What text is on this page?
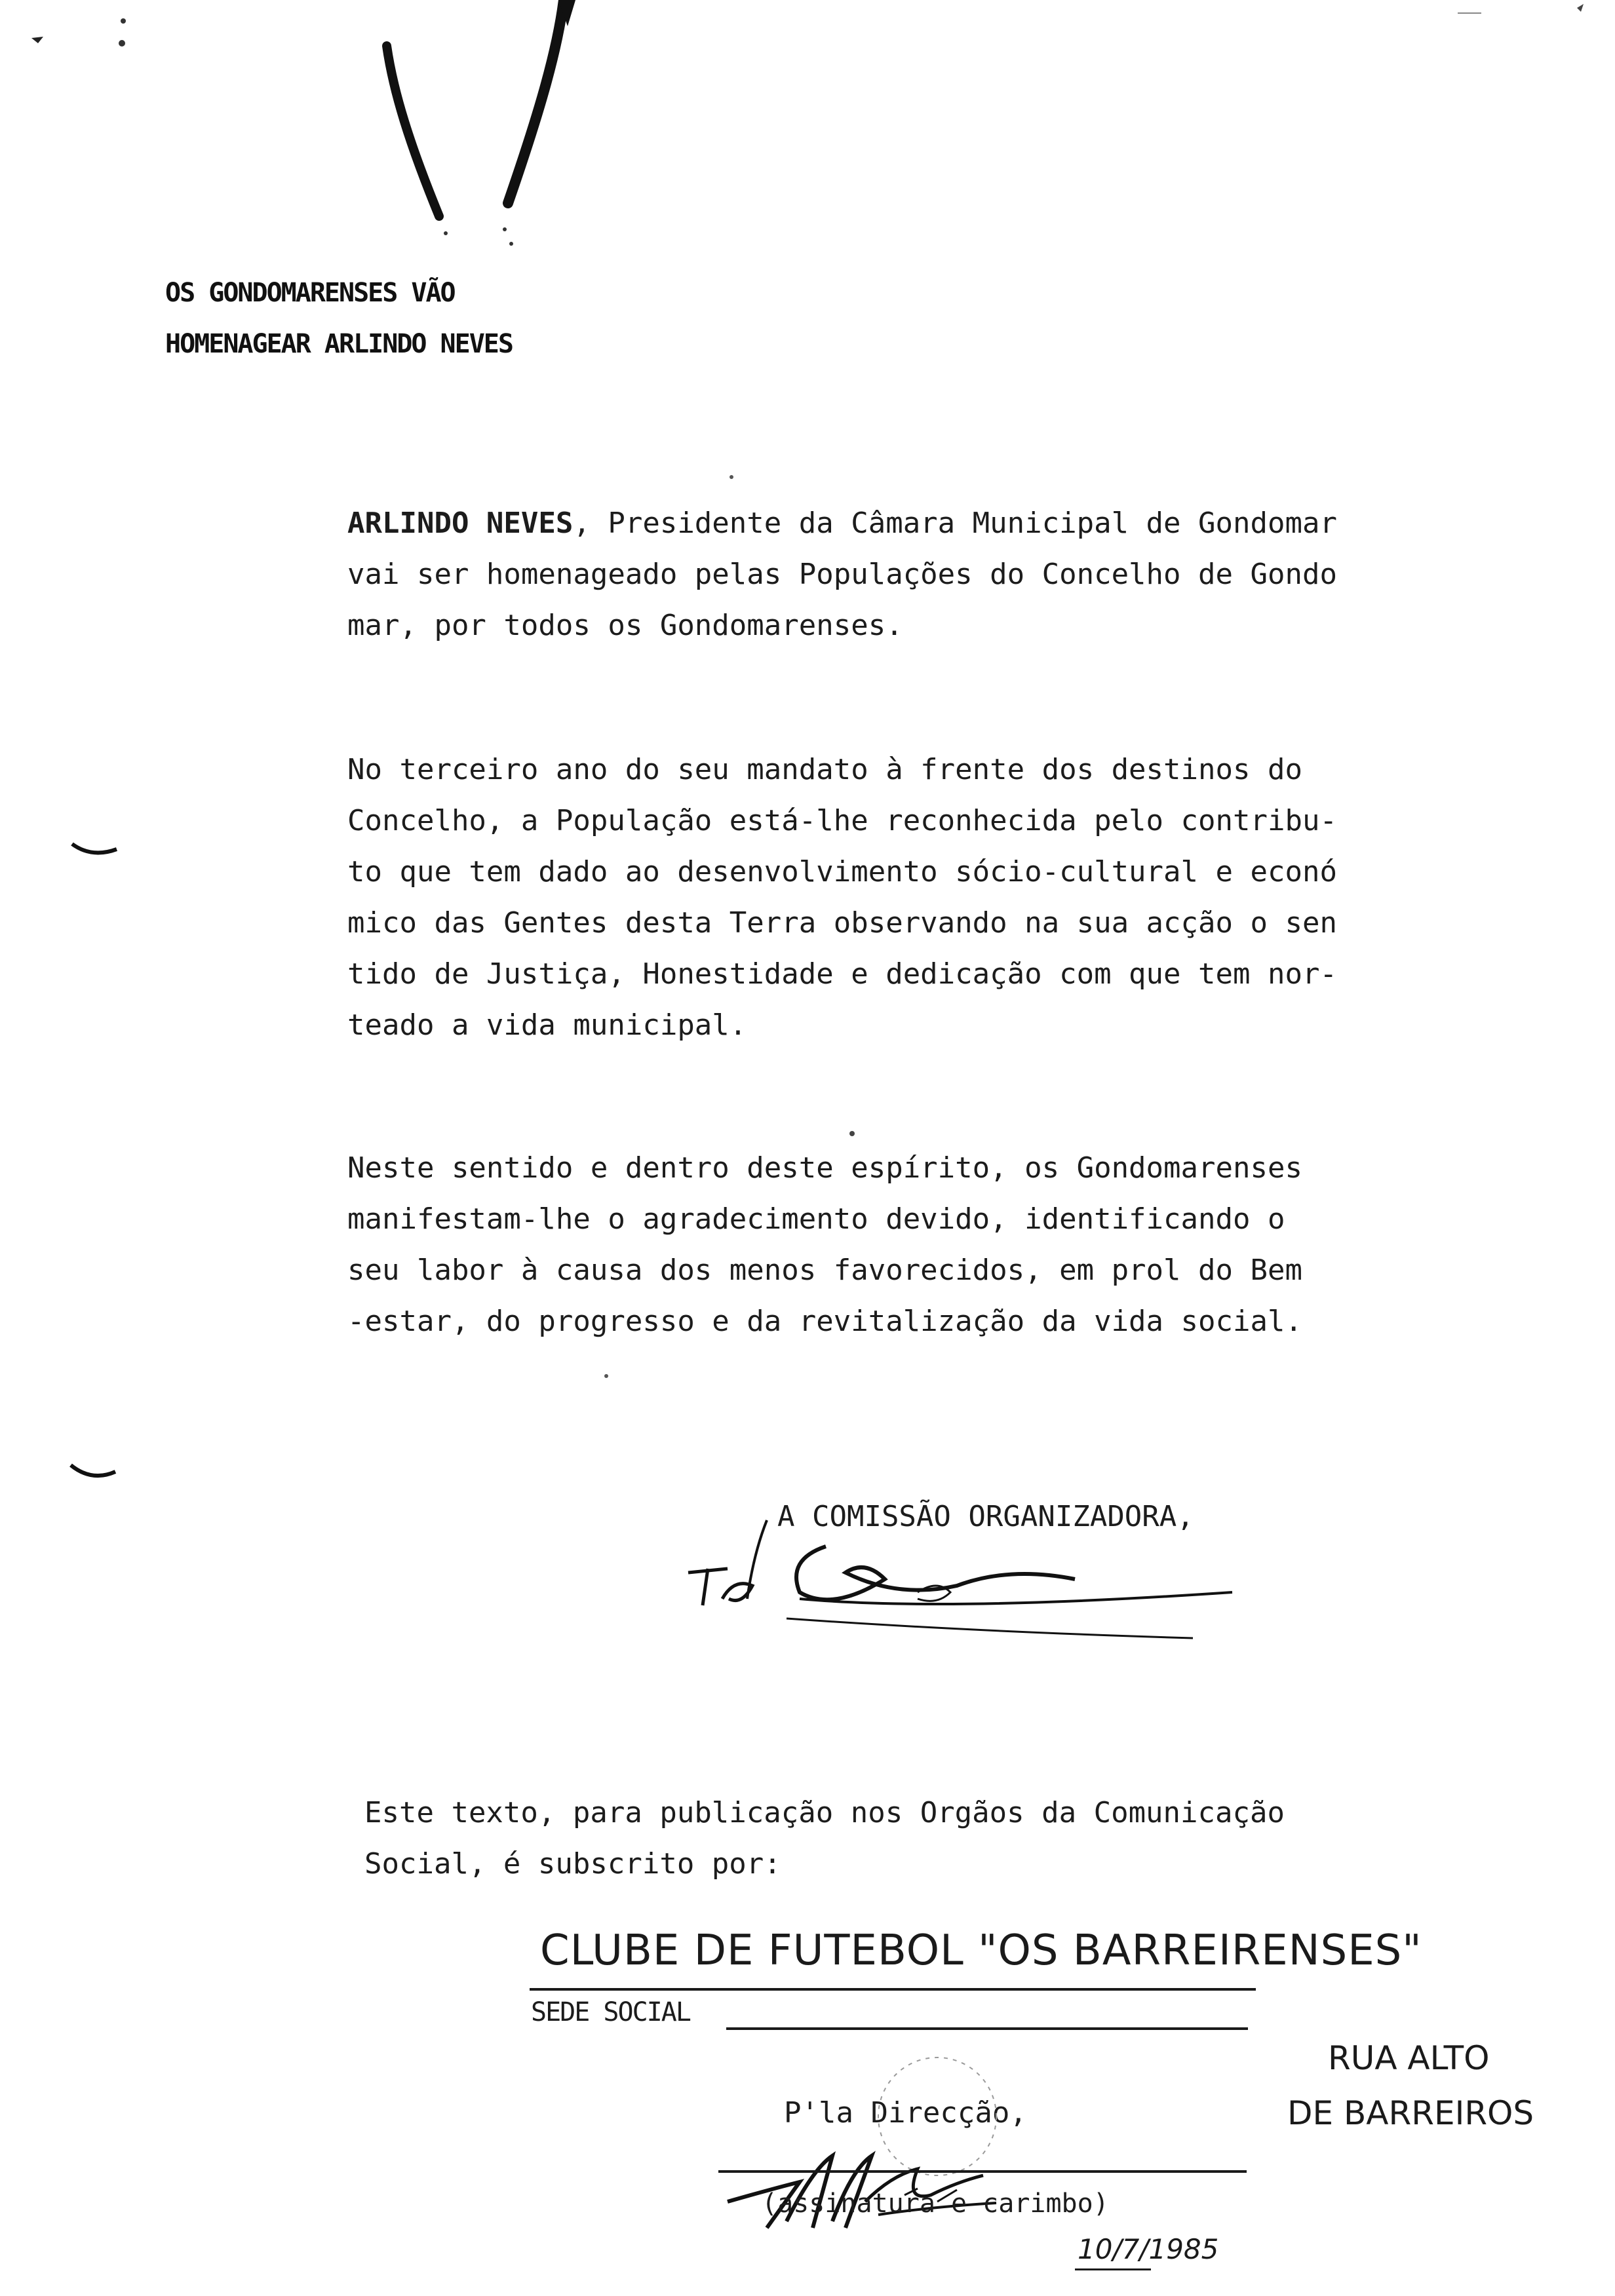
OS GONDOMARENSES VÃO
HOMENAGEAR ARLINDO NEVES
ARLINDO NEVES, Presidente da Câmara Municipal de Gondomar
vai ser homenageado pelas Populações do Concelho de Gondo
mar, por todos os Gondomarenses.
No terceiro ano do seu mandato à frente dos destinos do
Concelho, a População está-lhe reconhecida pelo contribu-
to que tem dado ao desenvolvimento sócio-cultural e econó
mico das Gentes desta Terra observando na sua acção o sen
tido de Justiça, Honestidade e dedicação com que tem nor-
teado a vida municipal.
Neste sentido e dentro deste espírito, os Gondomarenses
manifestam-lhe o agradecimento devido, identificando o
seu labor à causa dos menos favorecidos, em prol do Bem
-estar, do progresso e da revitalização da vida social.
A COMISSÃO ORGANIZADORA,
Este texto, para publicação nos Orgãos da Comunicação
Social, é subscrito por:
CLUBE DE FUTEBOL "OS BARREIRENSES"
SEDE SOCIAL
RUA ALTO
DE BARREIROS
P'la Direcção,
(assinatura e carimbo)
10/7/1985
